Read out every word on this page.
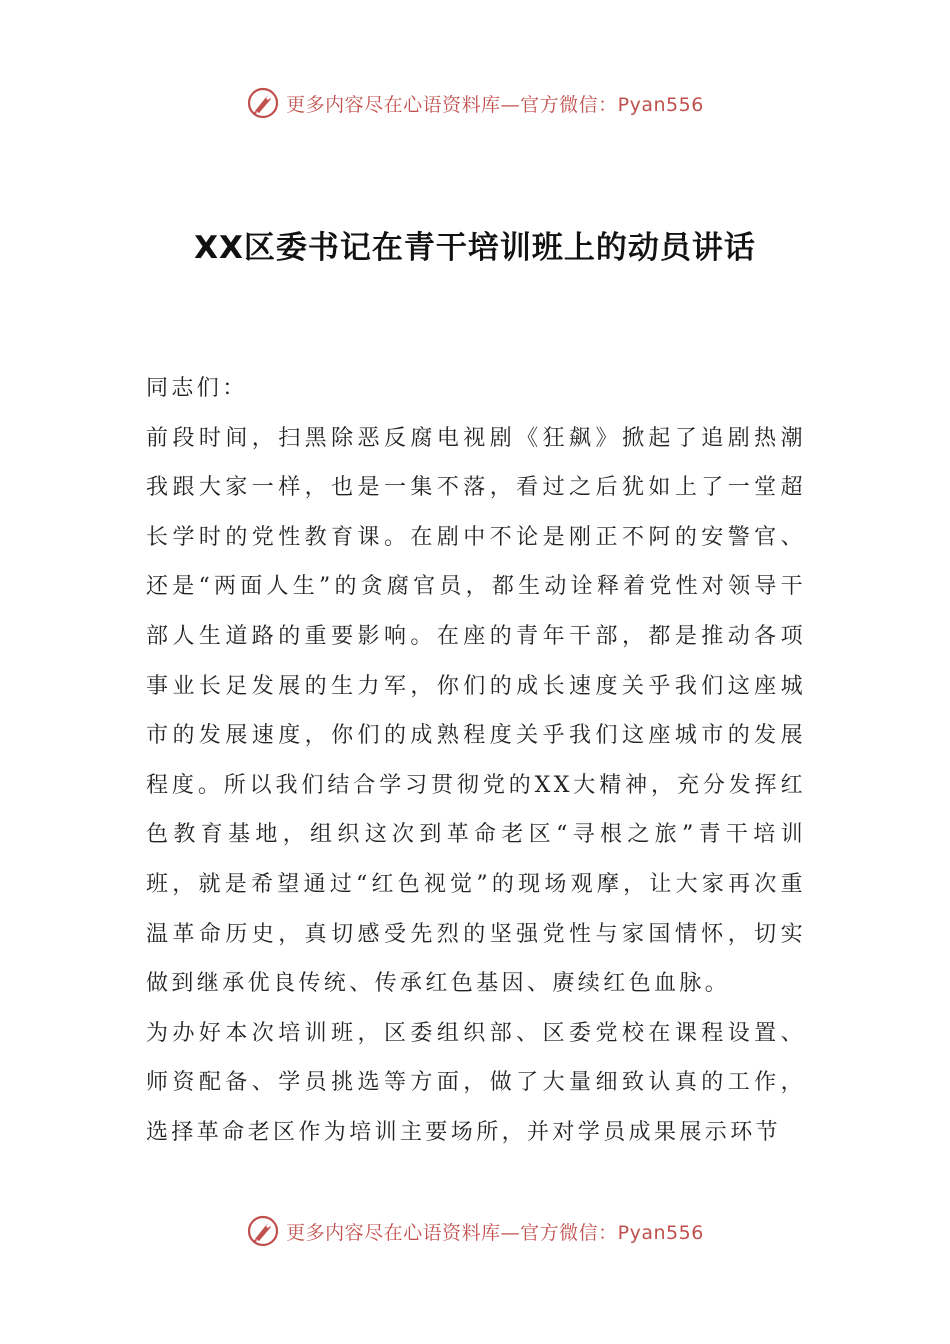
更多内容尽在心语资料库—官方微信：Pyan556
XX区委书记在青干培训班上的动员讲话

同志们：

前段时间，扫黑除恶反腐电视剧《狂飙》掀起了追剧热潮我跟大家一样，也是一集不落，看过之后犹如上了一堂超长学时的党性教育课。在剧中不论是刚正不阿的安警官、还是“两面人生”的贪腐官员，都生动诠释着党性对领导干部人生道路的重要影响。在座的青年干部，都是推动各项事业长足发展的生力军，你们的成长速度关乎我们这座城市的发展速度，你们的成熟程度关乎我们这座城市的发展程度。所以我们结合学习贯彻党的XX大精神，充分发挥红色教育基地，组织这次到革命老区“寻根之旅”青干培训班，就是希望通过“红色视觉”的现场观摩，让大家再次重温革命历史，真切感受先烈的坚强党性与家国情怀，切实做到继承优良传统、传承红色基因、赓续红色血脉。

为办好本次培训班，区委组织部、区委党校在课程设置、师资配备、学员挑选等方面，做了大量细致认真的工作，选择革命老区作为培训主要场所，并对学员成果展示环节

更多内容尽在心语资料库—官方微信：Pyan556
